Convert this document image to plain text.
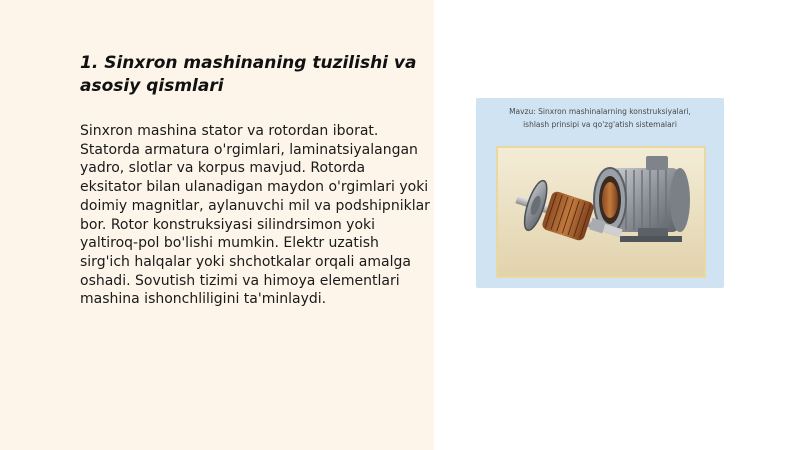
1. Sinxron mashinaning tuzilishi va asosiy qismlari

Sinxron mashina stator va rotordan iborat. Statorda armatura o'rgimlari, laminatsiyalangan yadro, slotlar va korpus mavjud. Rotorda eksitator bilan ulanadigan maydon o'rgimlari yoki doimiy magnitlar, aylanuvchi mil va podshipniklar bor. Rotor konstruksiyasi silindrsimon yoki yaltiroq-pol bo'lishi mumkin. Elektr uzatish sirg'ich halqalar yoki shchotkalar orqali amalga oshadi. Sovutish tizimi va himoya elementlari mashina ishonchliligini ta'minlaydi.

Mavzu: Sinxron mashinalarning konstruksiyalari,
ishlash prinsipi va qo'zg'atish sistemalari
